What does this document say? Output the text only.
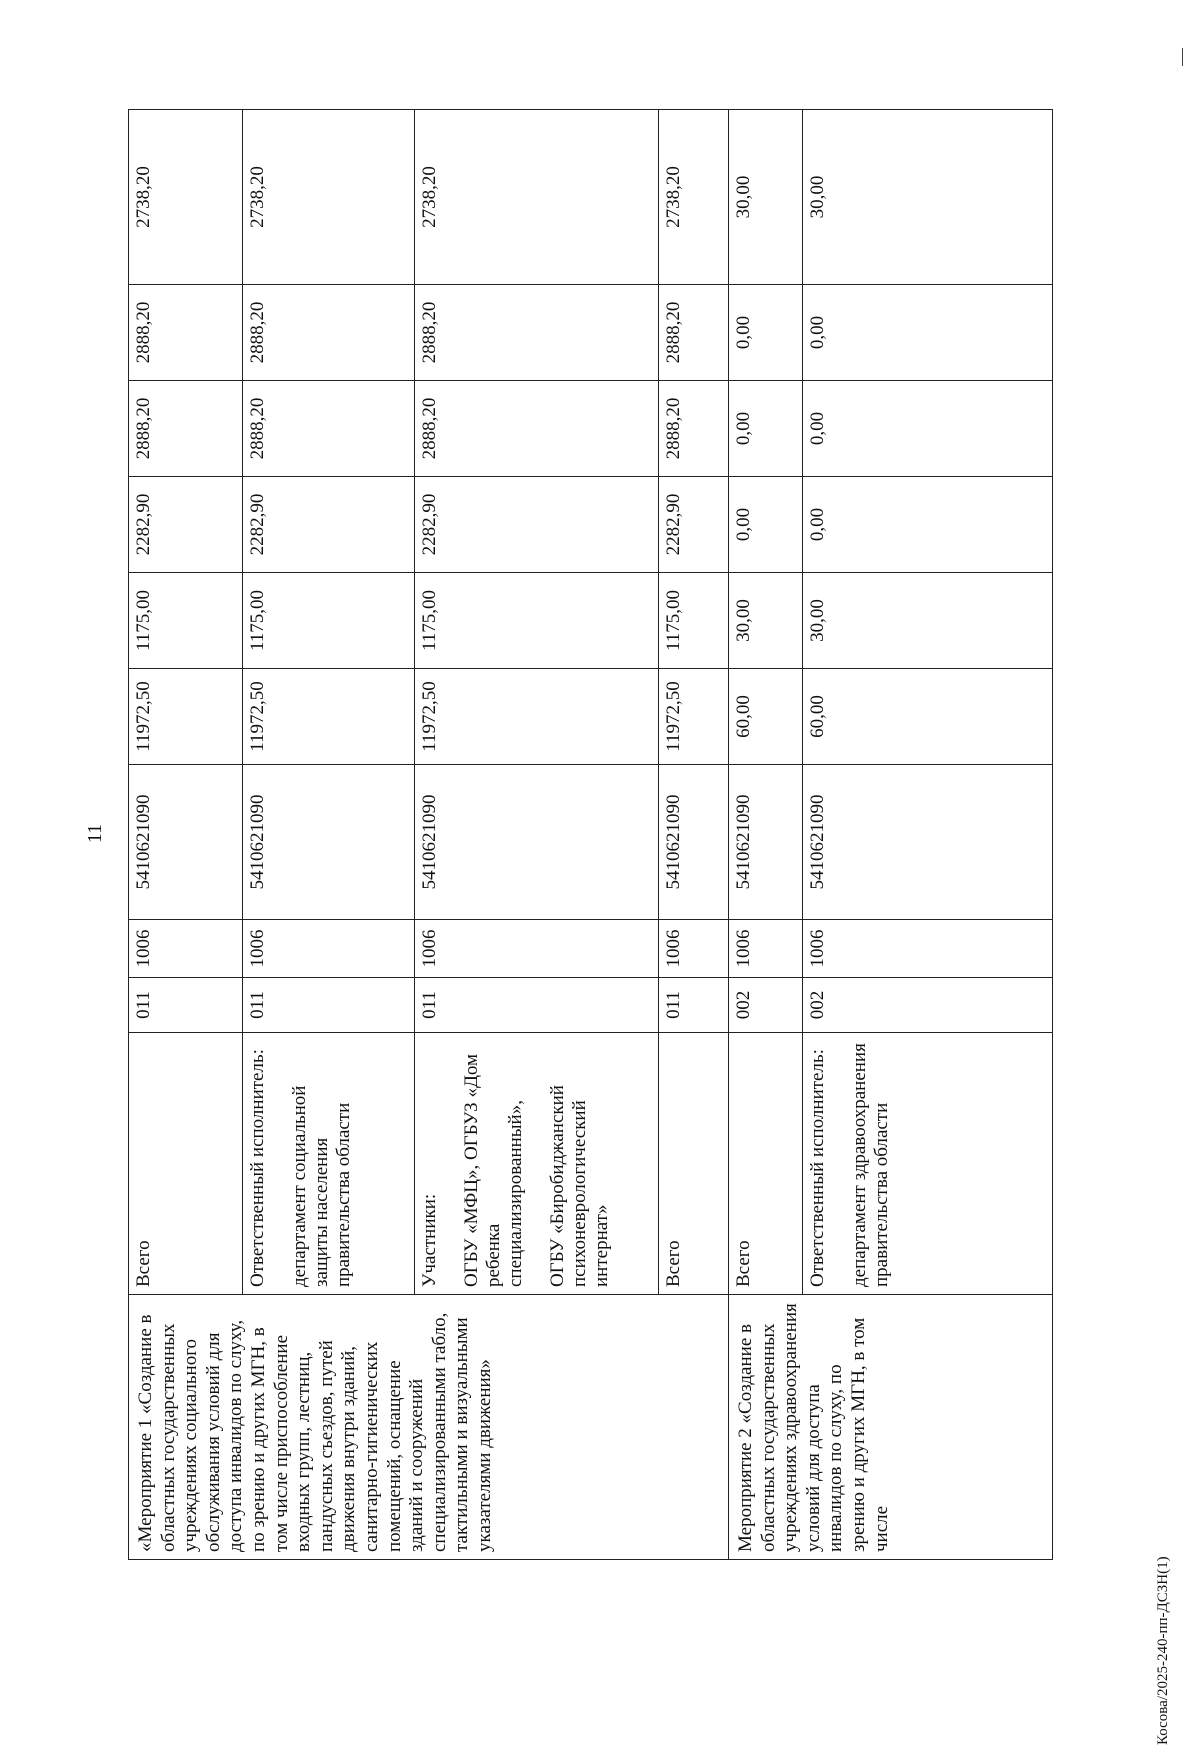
11
«Мероприятие 1 «Создание в областных государственных учреждениях социального обслуживания условий для доступа инвалидов по слуху, по зрению и других МГН, в том числе приспособление входных групп, лестниц, пандусных съездов, путей движения внутри зданий, санитарно-гигиенических помещений, оснащение зданий и сооружений специализированными табло, тактильными и визуальными указателями движения»	Всего	011	1006	5410621090	11972,50	1175,00	2282,90	2888,20	2888,20	2738,20

	Ответственный исполнитель: департамент социальной защиты населения правительства области	011	1006	5410621090	11972,50	1175,00	2282,90	2888,20	2888,20	2738,20

	Участники: ОГБУ «МФЦ», ОГБУЗ «Дом ребенка специализированный», ОГБУ «Биробиджанский психоневрологический интернат»	011	1006	5410621090	11972,50	1175,00	2282,90	2888,20	2888,20	2738,20
	Всего	011	1006	5410621090	11972,50	1175,00	2282,90	2888,20	2888,20	2738,20
Мероприятие 2 «Создание в областных государственных учреждениях здравоохранения условий для доступа инвалидов по слуху, по зрению и других МГН, в том числе	Всего	002	1006	5410621090	60,00	30,00	0,00	0,00	0,00	30,00

	Ответственный исполнитель: департамент здравоохранения правительства области	002	1006	5410621090	60,00	30,00	0,00	0,00	0,00	30,00
Косова/2025-240-пп-ДСЗН(1)
